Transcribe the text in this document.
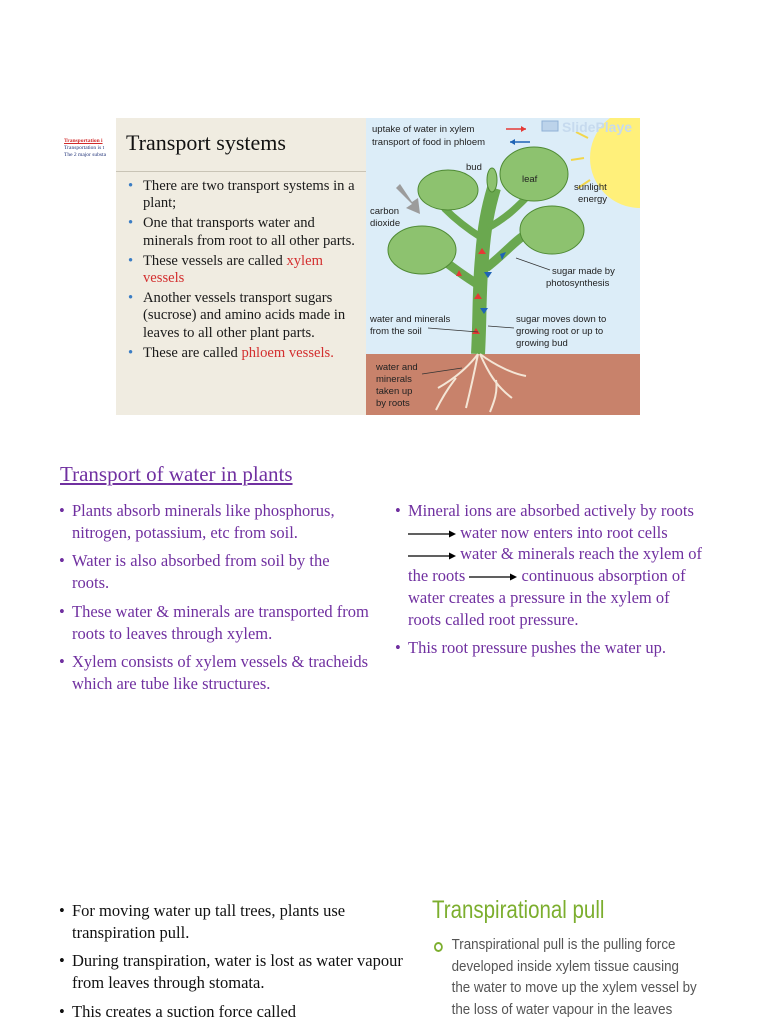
Transportation i
Transportation is t
The 2 major substa Transport systems
• There are two transport systems in a plant;
• One that transports water and minerals from root to all other parts.
• These vessels are called xylem vessels
• Another vessels transport sugars (sucrose) and amino acids made in leaves to all other plant parts.
• These are called phloem vessels.
uptake of water in xylem
transport of food in phloem
SlidePlaye
bud
leaf
sunlight
energy
carbon
dioxide
sugar made by
photosynthesis
water and minerals
from the soil
sugar moves down to
growing root or up to
growing bud
water and
minerals
taken up
by roots
Transport of water in plants
• Plants absorb minerals like phosphorus, nitrogen, potassium, etc from soil.
• Water is also absorbed from soil by the roots.
• These water & minerals are transported from roots to leaves through xylem.
• Xylem consists of xylem vessels & tracheids which are tube like structures.
• Mineral ions are absorbed actively by roots  water now enters into root cells  water & minerals reach the xylem of the roots	continuous absorption of water creates a pressure in the xylem of roots called root pressure.
• This root pressure pushes the water up.
• For moving water up tall trees, plants use transpiration pull.
• During transpiration, water is lost as water vapour from leaves through stomata.
• This creates a suction force called
Transpirational pull
Transpirational pull is the pulling force developed inside xylem tissue causing the water to move up the xylem vessel by the loss of water vapour in the leaves
